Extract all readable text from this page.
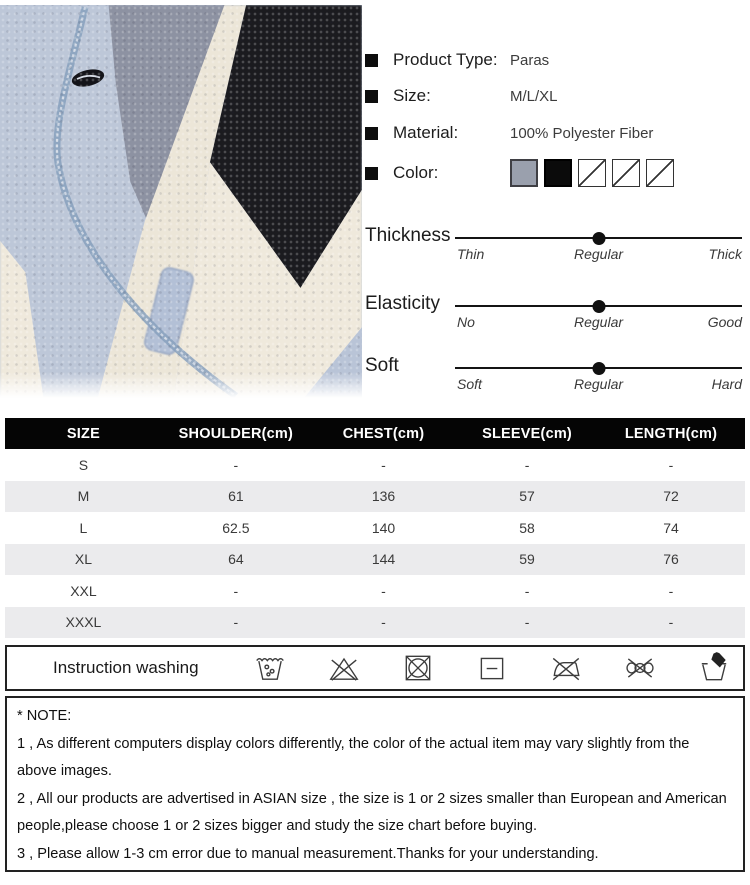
Product Type: Paras
Size:	M/L/XL
Material:	100% Polyester Fiber
Color:
Thickness
Thin	Regular	Thick
Elasticity
No	Regular	Good
Soft
Soft	Regular	Hard
SIZE	SHOULDER(cm)	CHEST(cm)	SLEEVE(cm)	LENGTH(cm)
S	-	-	-	-
M	61	136	57	72
L	62.5	140	58	74
XL	64	144	59	76
XXL	-	-	-	-
XXXL	-	-	-	-
Instruction washing

* NOTE:

1 , As different computers display colors differently, the color of the actual item may vary slightly from the above images.

2 , All our products are advertised in ASIAN size , the size is 1 or 2 sizes smaller than European and American people,please choose 1 or 2 sizes bigger and study the size chart before buying.

3 , Please allow 1-3 cm error due to manual measurement.Thanks for your understanding.
